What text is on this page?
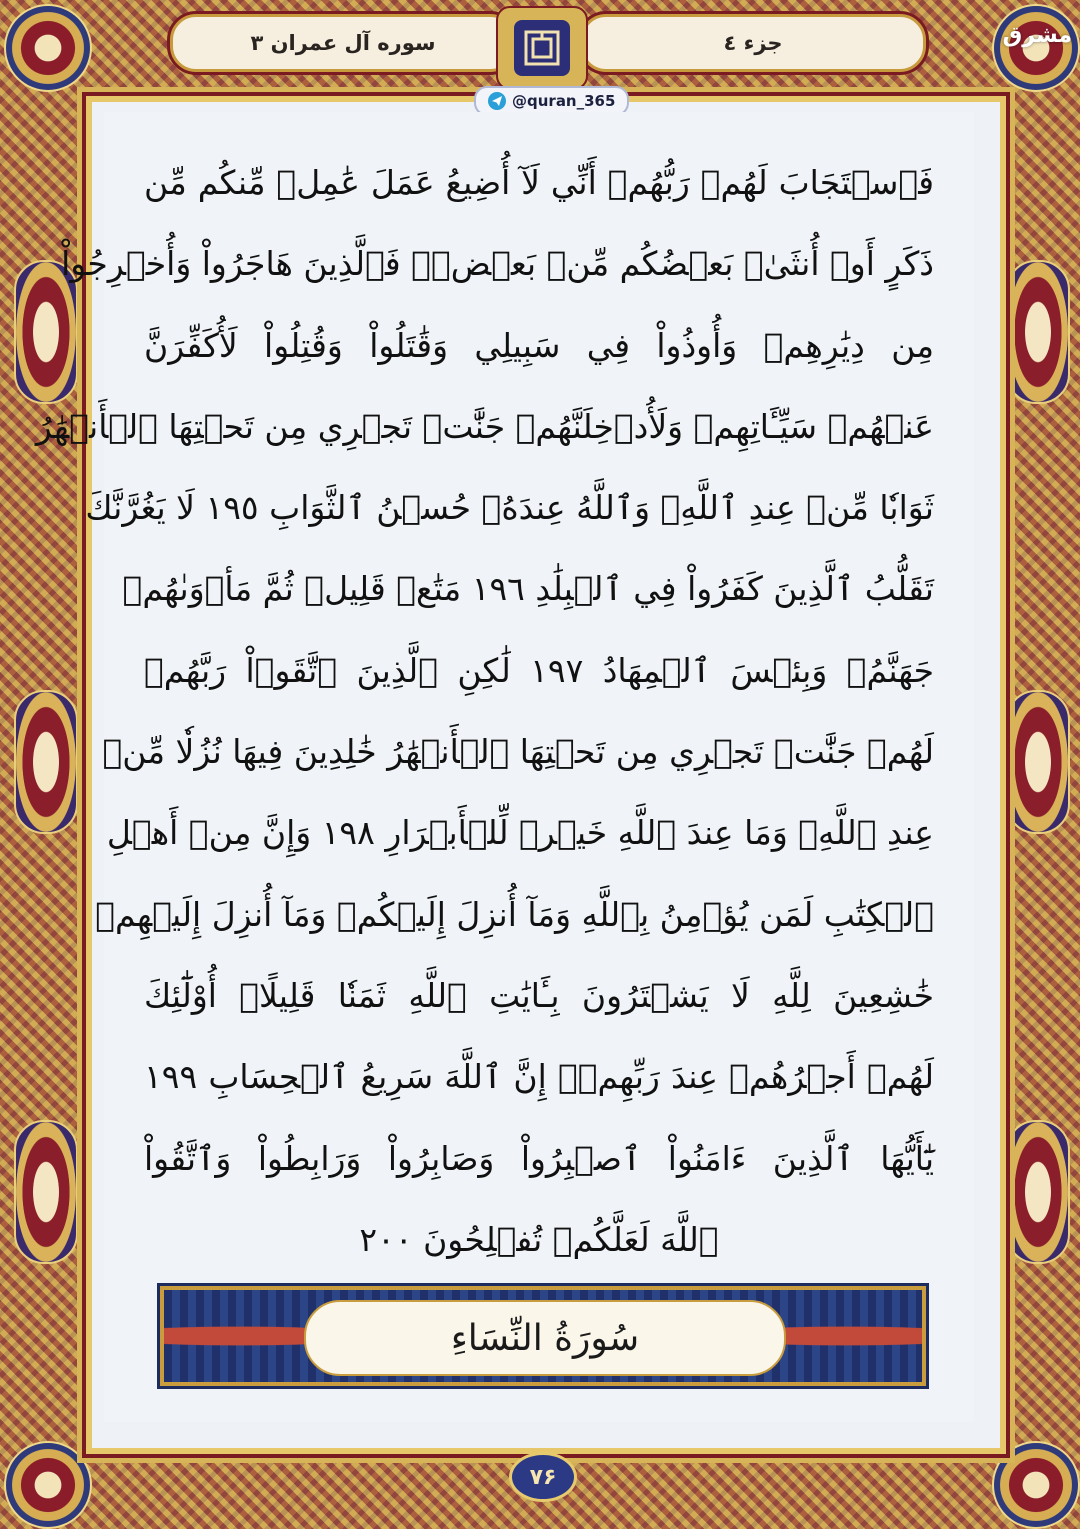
سوره آل عمران ۳	جزء ٤
@quran_365
مشرق
فَٱسۡتَجَابَ لَهُمۡ رَبُّهُمۡ أَنِّي لَآ أُضِيعُ عَمَلَ عَٰمِلٖ مِّنكُم مِّن
ذَكَرٍ أَوۡ أُنثَىٰۖ بَعۡضُكُم مِّنۢ بَعۡضٖۖ فَٱلَّذِينَ هَاجَرُواْ وَأُخۡرِجُواْ
مِن دِيَٰرِهِمۡ وَأُوذُواْ فِي سَبِيلِي وَقَٰتَلُواْ وَقُتِلُواْ لَأُكَفِّرَنَّ
عَنۡهُمۡ سَيِّـَٔاتِهِمۡ وَلَأُدۡخِلَنَّهُمۡ جَنَّٰتٖ تَجۡرِي مِن تَحۡتِهَا ٱلۡأَنۡهَٰرُ
ثَوَابٗا مِّنۡ عِندِ ٱللَّهِۚ وَٱللَّهُ عِندَهُۥ حُسۡنُ ٱلثَّوَابِ ١٩٥ لَا يَغُرَّنَّكَ
تَقَلُّبُ ٱلَّذِينَ كَفَرُواْ فِي ٱلۡبِلَٰدِ ١٩٦ مَتَٰعٞ قَلِيلٞ ثُمَّ مَأۡوَىٰهُمۡ
جَهَنَّمُۖ وَبِئۡسَ ٱلۡمِهَادُ ١٩٧ لَٰكِنِ ٱلَّذِينَ ٱتَّقَوۡاْ رَبَّهُمۡ
لَهُمۡ جَنَّٰتٞ تَجۡرِي مِن تَحۡتِهَا ٱلۡأَنۡهَٰرُ خَٰلِدِينَ فِيهَا نُزُلٗا مِّنۡ
عِندِ ٱللَّهِۗ وَمَا عِندَ ٱللَّهِ خَيۡرٞ لِّلۡأَبۡرَارِ ١٩٨ وَإِنَّ مِنۡ أَهۡلِ
ٱلۡكِتَٰبِ لَمَن يُؤۡمِنُ بِٱللَّهِ وَمَآ أُنزِلَ إِلَيۡكُمۡ وَمَآ أُنزِلَ إِلَيۡهِمۡ
خَٰشِعِينَ لِلَّهِ لَا يَشۡتَرُونَ بِـَٔايَٰتِ ٱللَّهِ ثَمَنٗا قَلِيلًاۚ أُوْلَٰٓئِكَ
لَهُمۡ أَجۡرُهُمۡ عِندَ رَبِّهِمۡۗ إِنَّ ٱللَّهَ سَرِيعُ ٱلۡحِسَابِ ١٩٩
يَٰٓأَيُّهَا ٱلَّذِينَ ءَامَنُواْ ٱصۡبِرُواْ وَصَابِرُواْ وَرَابِطُواْ وَٱتَّقُواْ
ٱللَّهَ لَعَلَّكُمۡ تُفۡلِحُونَ ٢٠٠
سُورَةُ النِّسَاءِ
۷۶
